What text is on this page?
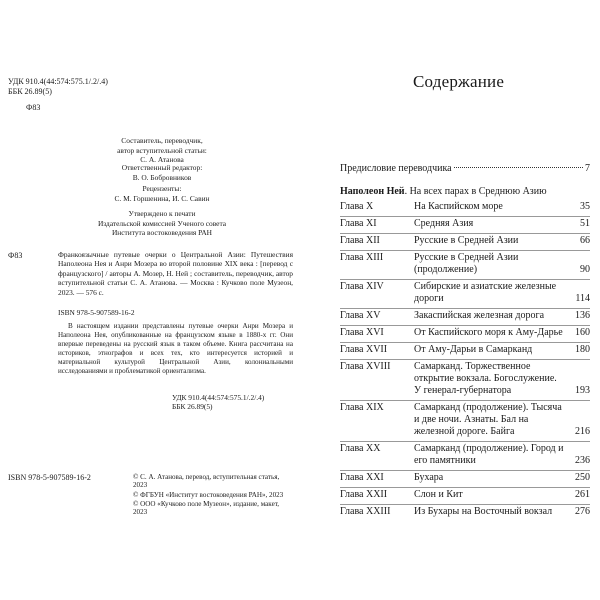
УДК 910.4(44:574:575.1/.2/.4)
ББК 26.89(5)
Ф83
Составитель, переводчик,
автор вступительной статьи:
С. А. Атанова
Ответственный редактор:
В. О. Бобровников
Рецензенты:
С. М. Горшенина, И. С. Савин
Утверждено к печати
Издательской комиссией Ученого совета
Института востоковедения РАН
Ф83	Франкоязычные путевые очерки о Центральной Азии: Путешествия Наполеона Нея и Анри Мозера во второй половине XIX века : [перевод с французского] / авторы А. Мозер, Н. Ней ; составитель, переводчик, автор вступительной статьи С. А. Атанова. — Москва : Кучково поле Музеон, 2023. — 576 с.
ISBN 978-5-907589-16-2
В настоящем издании представлены путевые очерки Анри Мозера и Наполеона Нея, опубликованные на французском языке в 1880-х гг. Они впервые переведены на русский язык в таком объеме. Книга рассчитана на историков, этнографов и всех тех, кто интересуется историей и материальной культурой Центральной Азии, колониальными исследованиями и проблематикой ориентализма.
УДК 910.4(44:574:575.1/.2/.4)
ББК 26.89(5)
ISBN 978-5-907589-16-2	© С. А. Атанова, перевод, вступительная статья, 2023
© ФГБУН «Институт востоковедения РАН», 2023
© ООО «Кучково поле Музеон», издание, макет, 2023
Содержание
Предисловие переводчика	7
Наполеон Ней. На всех парах в Среднюю Азию
Глава X	На Каспийском море	35
Глава XI	Средняя Азия	51
Глава XII	Русские в Средней Азии	66
Глава XIII	Русские в Средней Азии (продолжение)	90
Глава XIV	Сибирские и азиатские железные дороги	114
Глава XV	Закаспийская железная дорога	136
Глава XVI	От Каспийского моря к Аму-Дарье	160
Глава XVII	От Аму-Дарьи в Самарканд	180
Глава XVIII	Самарканд. Торжественное открытие вокзала. Богослужение. У генерал-губернатора	193
Глава XIX	Самарканд (продолжение). Тысяча и две ночи. Азнаты. Бал на железной дороге. Байга	216
Глава XX	Самарканд (продолжение). Город и его памятники	236
Глава XXI	Бухара	250
Глава XXII	Слон и Кит	261
Глава XXIII	Из Бухары на Восточный вокзал	276
